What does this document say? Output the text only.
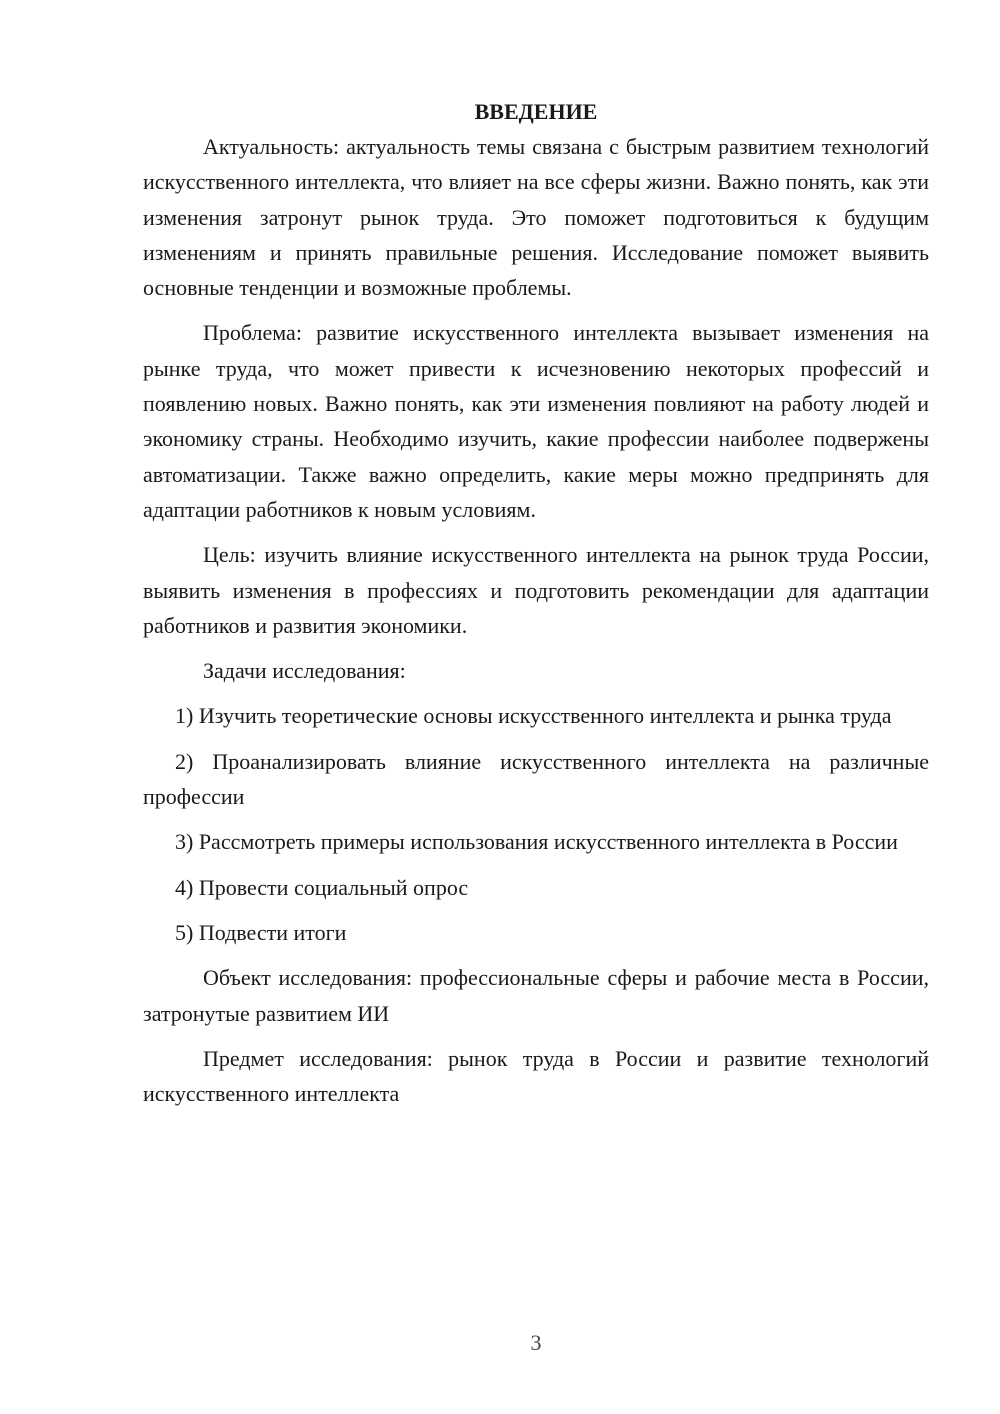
ВВЕДЕНИЕ

Актуальность: актуальность темы связана с быстрым развитием технологий искусственного интеллекта, что влияет на все сферы жизни. Важно понять, как эти изменения затронут рынок труда. Это поможет подготовиться к будущим изменениям и принять правильные решения. Исследование поможет выявить основные тенденции и возможные проблемы.

Проблема: развитие искусственного интеллекта вызывает изменения на рынке труда, что может привести к исчезновению некоторых профессий и появлению новых. Важно понять, как эти изменения повлияют на работу людей и экономику страны. Необходимо изучить, какие профессии наиболее подвержены автоматизации. Также важно определить, какие меры можно предпринять для адаптации работников к новым условиям.

Цель: изучить влияние искусственного интеллекта на рынок труда России, выявить изменения в профессиях и подготовить рекомендации для адаптации работников и развития экономики.

Задачи исследования:

1) Изучить теоретические основы искусственного интеллекта и рынка труда

2) Проанализировать влияние искусственного интеллекта на различные профессии

3) Рассмотреть примеры использования искусственного интеллекта в России

4) Провести социальный опрос

5) Подвести итоги

Объект исследования: профессиональные сферы и рабочие места в России, затронутые развитием ИИ

Предмет исследования: рынок труда в России и развитие технологий искусственного интеллекта

3
